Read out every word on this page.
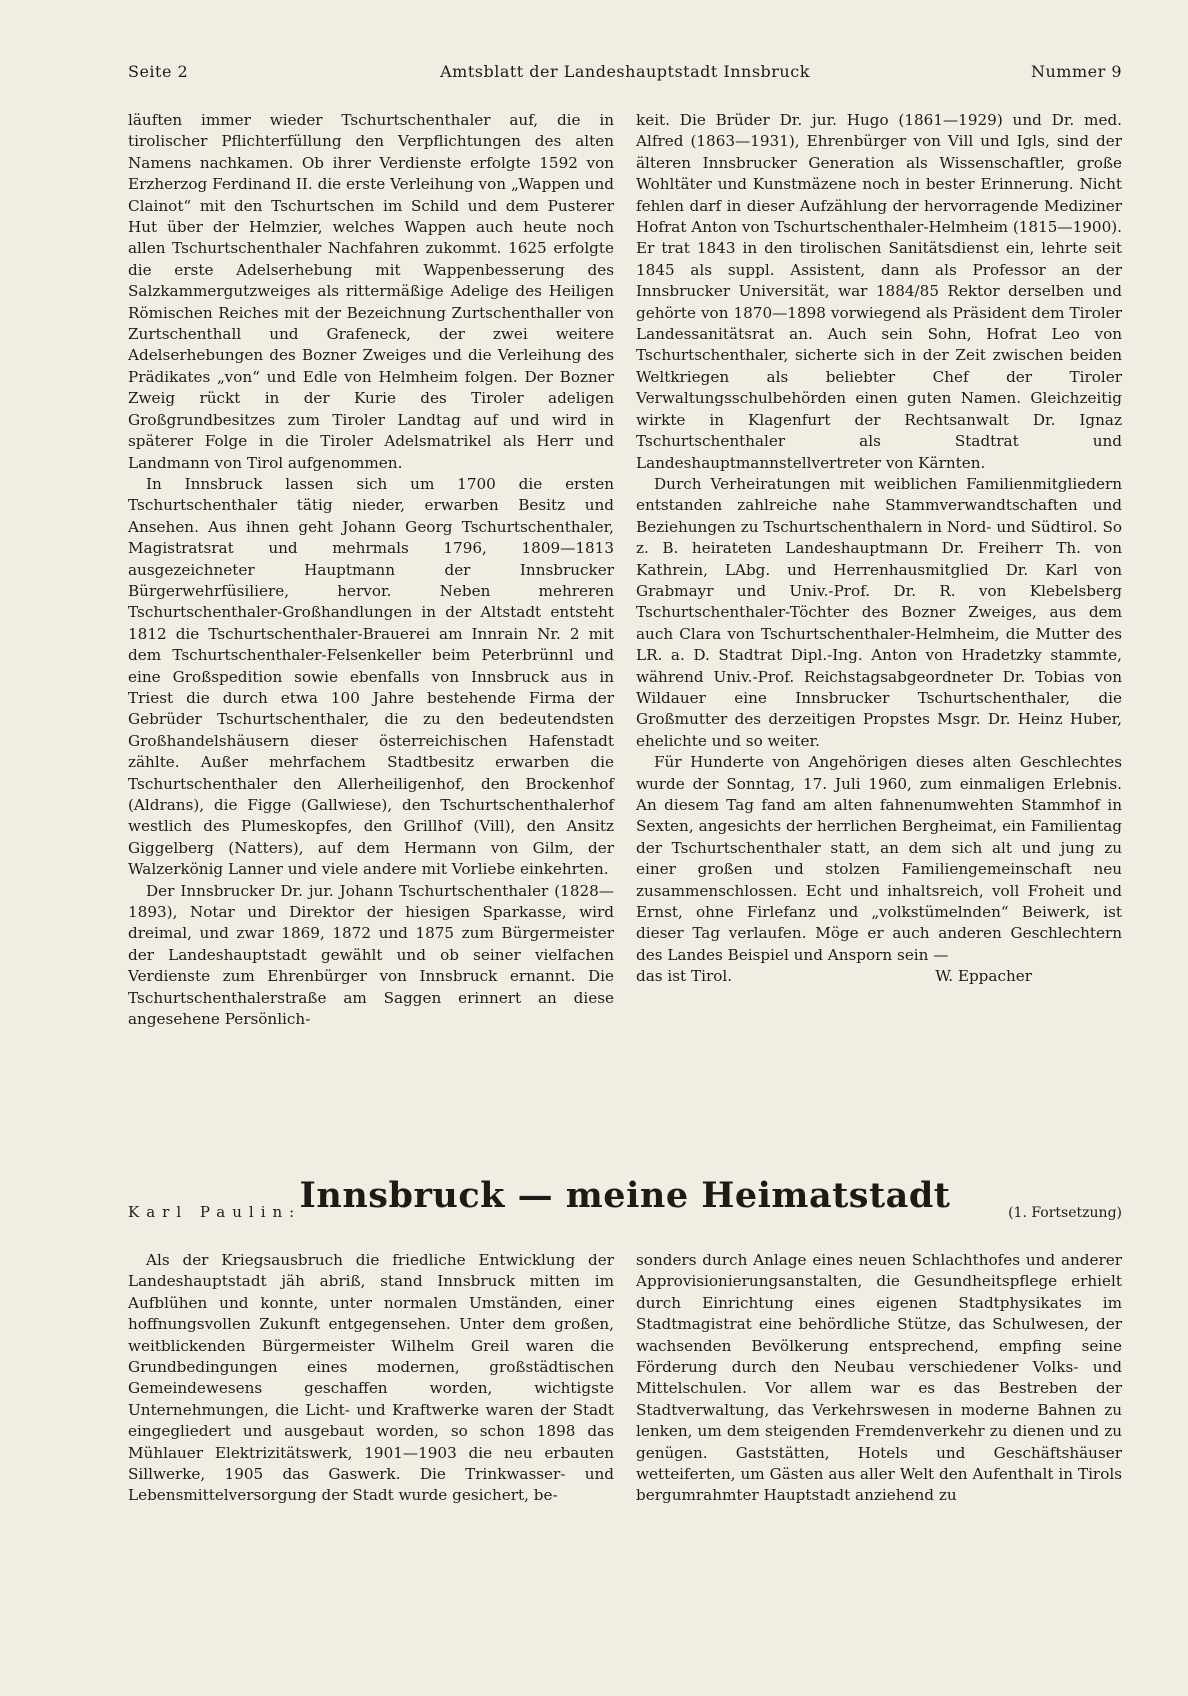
Seite 2	Amtsblatt der Landeshauptstadt Innsbruck	Nummer 9

läuften immer wieder Tschurtschenthaler auf, die in tirolischer Pflichterfüllung den Verpflichtungen des alten Namens nachkamen. Ob ihrer Verdienste erfolgte 1592 von Erzherzog Ferdinand II. die erste Verleihung von „Wappen und Clainot“ mit den Tschurtschen im Schild und dem Pusterer Hut über der Helmzier, welches Wappen auch heute noch allen Tschurtschenthaler Nachfahren zukommt. 1625 erfolgte die erste Adelserhebung mit Wappenbesserung des Salzkammergutzweiges als rittermäßige Adelige des Heiligen Römischen Reiches mit der Bezeichnung Zurtschenthaller von Zurtschenthall und Grafeneck, der zwei weitere Adelserhebungen des Bozner Zweiges und die Verleihung des Prädikates „von“ und Edle von Helmheim folgen. Der Bozner Zweig rückt in der Kurie des Tiroler adeligen Großgrundbesitzes zum Tiroler Landtag auf und wird in späterer Folge in die Tiroler Adelsmatrikel als Herr und Landmann von Tirol aufgenommen.

In Innsbruck lassen sich um 1700 die ersten Tschurtschenthaler tätig nieder, erwarben Besitz und Ansehen. Aus ihnen geht Johann Georg Tschurtschenthaler, Magistratsrat und mehrmals 1796, 1809—1813 ausgezeichneter Hauptmann der Innsbrucker Bürgerwehrfüsiliere, hervor. Neben mehreren Tschurtschenthaler-Großhandlungen in der Altstadt entsteht 1812 die Tschurtschenthaler-Brauerei am Innrain Nr. 2 mit dem Tschurtschenthaler-Felsenkeller beim Peterbrünnl und eine Großspedition sowie ebenfalls von Innsbruck aus in Triest die durch etwa 100 Jahre bestehende Firma der Gebrüder Tschurtschenthaler, die zu den bedeutendsten Großhandelshäusern dieser österreichischen Hafenstadt zählte. Außer mehrfachem Stadtbesitz erwarben die Tschurtschenthaler den Allerheiligenhof, den Brockenhof (Aldrans), die Figge (Gallwiese), den Tschurtschenthalerhof westlich des Plumeskopfes, den Grillhof (Vill), den Ansitz Giggelberg (Natters), auf dem Hermann von Gilm, der Walzerkönig Lanner und viele andere mit Vorliebe einkehrten.

Der Innsbrucker Dr. jur. Johann Tschurtschenthaler (1828—1893), Notar und Direktor der hiesigen Sparkasse, wird dreimal, und zwar 1869, 1872 und 1875 zum Bürgermeister der Landeshauptstadt gewählt und ob seiner vielfachen Verdienste zum Ehrenbürger von Innsbruck ernannt. Die Tschurtschenthalerstraße am Saggen erinnert an diese angesehene Persönlich-

keit. Die Brüder Dr. jur. Hugo (1861—1929) und Dr. med. Alfred (1863—1931), Ehrenbürger von Vill und Igls, sind der älteren Innsbrucker Generation als Wissenschaftler, große Wohltäter und Kunstmäzene noch in bester Erinnerung. Nicht fehlen darf in dieser Aufzählung der hervorragende Mediziner Hofrat Anton von Tschurtschenthaler-Helmheim (1815—1900). Er trat 1843 in den tirolischen Sanitätsdienst ein, lehrte seit 1845 als suppl. Assistent, dann als Professor an der Innsbrucker Universität, war 1884/85 Rektor derselben und gehörte von 1870—1898 vorwiegend als Präsident dem Tiroler Landessanitätsrat an. Auch sein Sohn, Hofrat Leo von Tschurtschenthaler, sicherte sich in der Zeit zwischen beiden Weltkriegen als beliebter Chef der Tiroler Verwaltungsschulbehörden einen guten Namen. Gleichzeitig wirkte in Klagenfurt der Rechtsanwalt Dr. Ignaz Tschurtschenthaler als Stadtrat und Landeshauptmannstellvertreter von Kärnten.

Durch Verheiratungen mit weiblichen Familienmitgliedern entstanden zahlreiche nahe Stammverwandtschaften und Beziehungen zu Tschurtschenthalern in Nord- und Südtirol. So z. B. heirateten Landeshauptmann Dr. Freiherr Th. von Kathrein, LAbg. und Herrenhausmitglied Dr. Karl von Grabmayr und Univ.-Prof. Dr. R. von Klebelsberg Tschurtschenthaler-Töchter des Bozner Zweiges, aus dem auch Clara von Tschurtschenthaler-Helmheim, die Mutter des LR. a. D. Stadtrat Dipl.-Ing. Anton von Hradetzky stammte, während Univ.-Prof. Reichstagsabgeordneter Dr. Tobias von Wildauer eine Innsbrucker Tschurtschenthaler, die Großmutter des derzeitigen Propstes Msgr. Dr. Heinz Huber, ehelichte und so weiter.

Für Hunderte von Angehörigen dieses alten Geschlechtes wurde der Sonntag, 17. Juli 1960, zum einmaligen Erlebnis. An diesem Tag fand am alten fahnenumwehten Stammhof in Sexten, angesichts der herrlichen Bergheimat, ein Familientag der Tschurtschenthaler statt, an dem sich alt und jung zu einer großen und stolzen Familiengemeinschaft neu zusammenschlossen. Echt und inhaltsreich, voll Froheit und Ernst, ohne Firlefanz und „volkstümelnden“ Beiwerk, ist dieser Tag verlaufen. Möge er auch anderen Geschlechtern des Landes Beispiel und Ansporn sein —

das ist Tirol.	W. Eppacher
Karl Paulin:
Innsbruck — meine Heimatstadt	(1. Fortsetzung)

Als der Kriegsausbruch die friedliche Entwicklung der Landeshauptstadt jäh abriß, stand Innsbruck mitten im Aufblühen und konnte, unter normalen Umständen, einer hoffnungsvollen Zukunft entgegensehen. Unter dem großen, weitblickenden Bürgermeister Wilhelm Greil waren die Grundbedingungen eines modernen, großstädtischen Gemeindewesens geschaffen worden, wichtigste Unternehmungen, die Licht- und Kraftwerke waren der Stadt eingegliedert und ausgebaut worden, so schon 1898 das Mühlauer Elektrizitätswerk, 1901—1903 die neu erbauten Sillwerke, 1905 das Gaswerk. Die Trinkwasser- und Lebensmittelversorgung der Stadt wurde gesichert, be-

sonders durch Anlage eines neuen Schlachthofes und anderer Approvisionierungsanstalten, die Gesundheitspflege erhielt durch Einrichtung eines eigenen Stadtphysikates im Stadtmagistrat eine behördliche Stütze, das Schulwesen, der wachsenden Bevölkerung entsprechend, empfing seine Förderung durch den Neubau verschiedener Volks- und Mittelschulen. Vor allem war es das Bestreben der Stadtverwaltung, das Verkehrswesen in moderne Bahnen zu lenken, um dem steigenden Fremdenverkehr zu dienen und zu genügen. Gaststätten, Hotels und Geschäftshäuser wetteiferten, um Gästen aus aller Welt den Aufenthalt in Tirols bergumrahmter Hauptstadt anziehend zu
